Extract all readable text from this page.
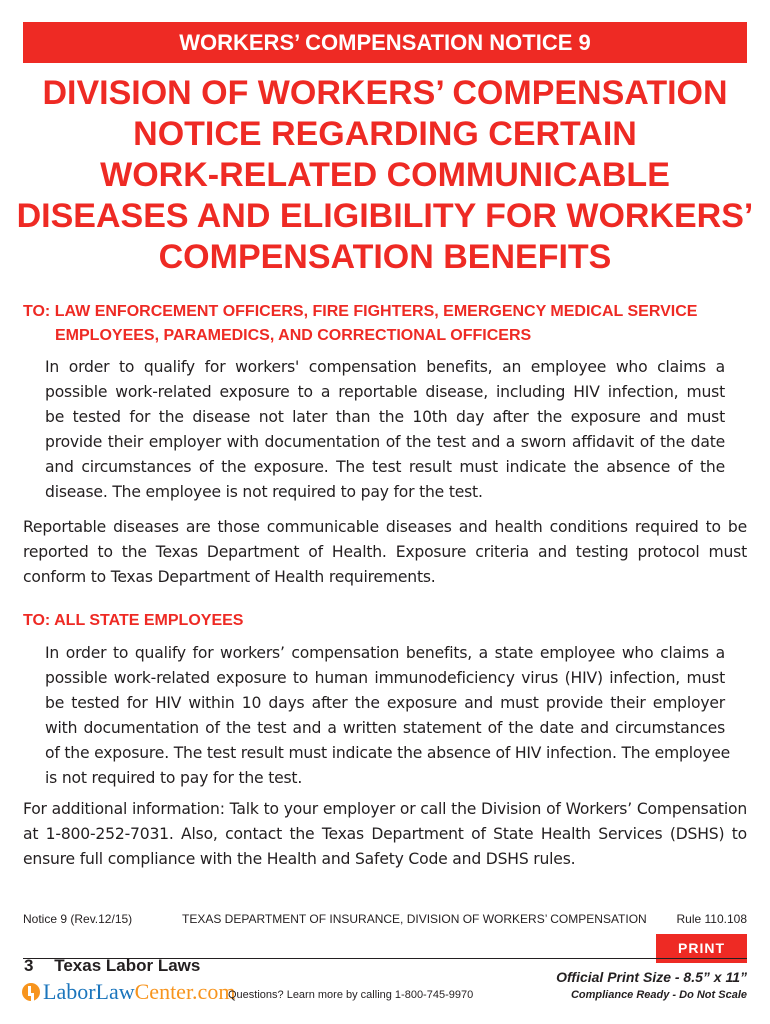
WORKERS’ COMPENSATION NOTICE 9
DIVISION OF WORKERS’ COMPENSATION
NOTICE REGARDING CERTAIN
WORK-RELATED COMMUNICABLE
DISEASES AND ELIGIBILITY FOR WORKERS’
COMPENSATION BENEFITS
TO: LAW ENFORCEMENT OFFICERS, FIRE FIGHTERS, EMERGENCY MEDICAL SERVICE
EMPLOYEES, PARAMEDICS, AND CORRECTIONAL OFFICERS
In order to qualify for workers' compensation benefits, an employee who claims a
possible work-related exposure to a reportable disease, including HIV infection, must
be tested for the disease not later than the 10th day after the exposure and must
provide their employer with documentation of the test and a sworn affidavit of the date
and circumstances of the exposure. The test result must indicate the absence of the
disease. The employee is not required to pay for the test.
Reportable diseases are those communicable diseases and health conditions required to be
reported to the Texas Department of Health. Exposure criteria and testing protocol must
conform to Texas Department of Health requirements.
TO: ALL STATE EMPLOYEES
In order to qualify for workers’ compensation benefits, a state employee who claims a
possible work-related exposure to human immunodeficiency virus (HIV) infection, must
be tested for HIV within 10 days after the exposure and must provide their employer
with documentation of the test and a written statement of the date and circumstances
of the exposure. The test result must indicate the absence of HIV infection. The employee
is not required to pay for the test.
For additional information: Talk to your employer or call the Division of Workers’ Compensation
at 1-800-252-7031. Also, contact the Texas Department of State Health Services (DSHS) to
ensure full compliance with the Health and Safety Code and DSHS rules.
Notice 9 (Rev.12/15)	TEXAS DEPARTMENT OF INSURANCE, DIVISION OF WORKERS’ COMPENSATION Rule 110.108
PRINT
3 Texas Labor Laws
LaborLaw Center.com
Questions? Learn more by calling 1-800-745-9970
Official Print Size - 8.5” x 11”
Compliance Ready - Do Not Scale
